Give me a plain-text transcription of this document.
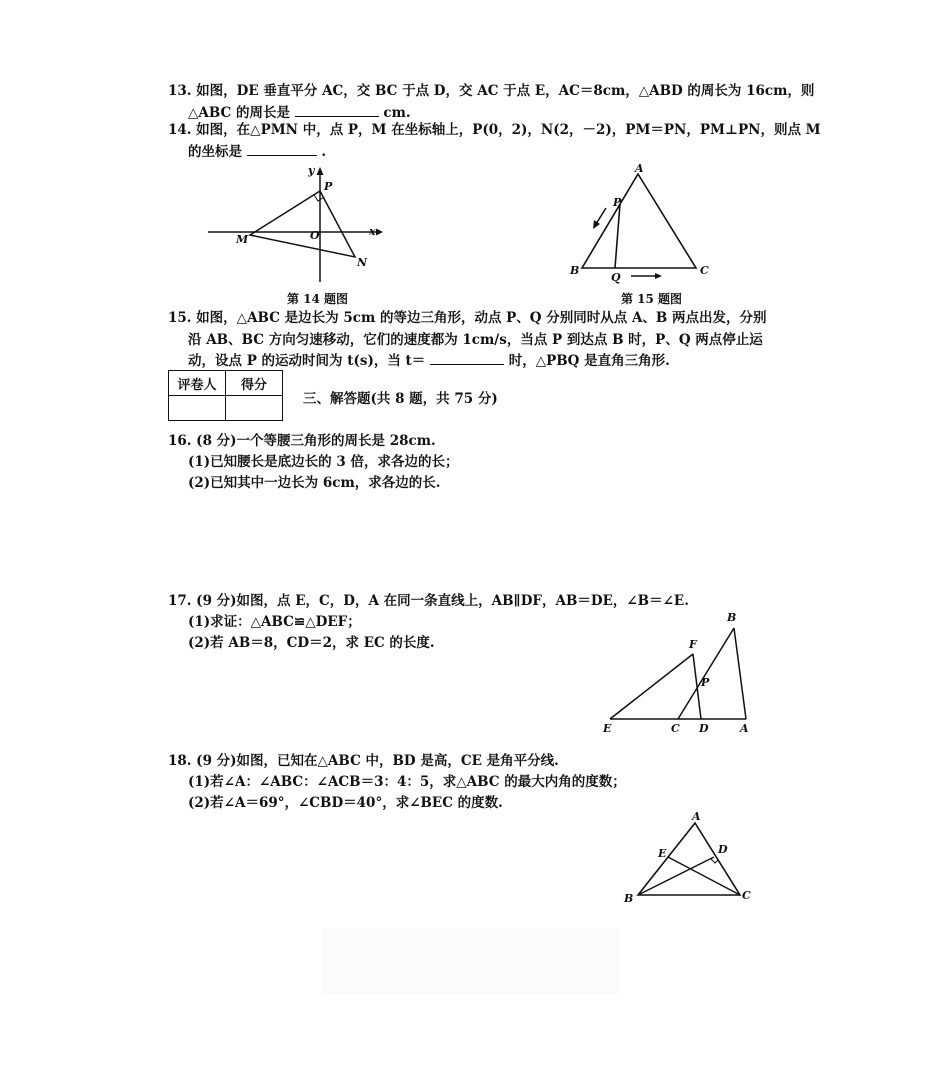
13. 如图，DE 垂直平分 AC，交 BC 于点 D，交 AC 于点 E，AC＝8cm，△ABD 的周长为 16cm，则
△ABC 的周长是	cm.
14. 如图，在△PMN 中，点 P，M 在坐标轴上，P(0，2)，N(2，－2)，PM＝PN，PM⊥PN，则点 M
的坐标是	.
y
x
P
M	O
N
第 14 题图
A
P
B
Q
C
第 15 题图
15. 如图，△ABC 是边长为 5cm 的等边三角形，动点 P、Q 分别同时从点 A、B 两点出发，分别
沿 AB、BC 方向匀速移动，它们的速度都为 1cm/s，当点 P 到达点 B 时，P、Q 两点停止运
动，设点 P 的运动时间为 t(s)，当 t＝	时，△PBQ 是直角三角形.
评卷人	得分

三、解答题(共 8 题，共 75 分)
16. (8 分)一个等腰三角形的周长是 28cm.
(1)已知腰长是底边长的 3 倍，求各边的长；
(2)已知其中一边长为 6cm，求各边的长.
17. (9 分)如图，点 E，C，D，A 在同一条直线上，AB∥DF，AB＝DE，∠B＝∠E.
(1)求证：△ABC≌△DEF；
(2)若 AB＝8，CD＝2，求 EC 的长度.
B
F
P
E	C D	A
18. (9 分)如图，已知在△ABC 中，BD 是高，CE 是角平分线.
(1)若∠A：∠ABC：∠ACB＝3：4：5，求△ABC 的最大内角的度数；
(2)若∠A＝69°，∠CBD＝40°，求∠BEC 的度数.
A
E	D
B	C
